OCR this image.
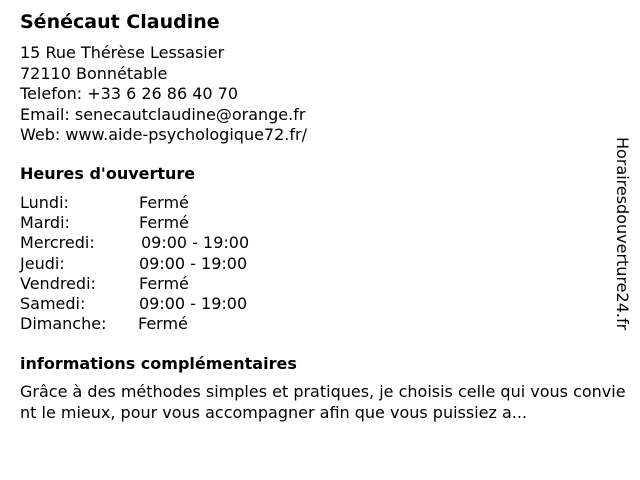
Sénécaut Claudine
15 Rue Thérèse Lessasier
72110 Bonnétable
Telefon: +33 6 26 86 40 70
Email: senecautclaudine@orange.fr
Web: www.aide-psychologique72.fr/
Heures d'ouverture
Lundi:	Fermé
Mardi:	Fermé
Mercredi:	09:00 - 19:00
Jeudi:	09:00 - 19:00
Vendredi:	Fermé
Samedi:	09:00 - 19:00
Dimanche: Fermé
informations complémentaires

Grâce à des méthodes simples et pratiques, je choisis celle qui vous convient le mieux, pour vous accompagner afin que vous puissiez a...

Horairesdouverture24.fr
